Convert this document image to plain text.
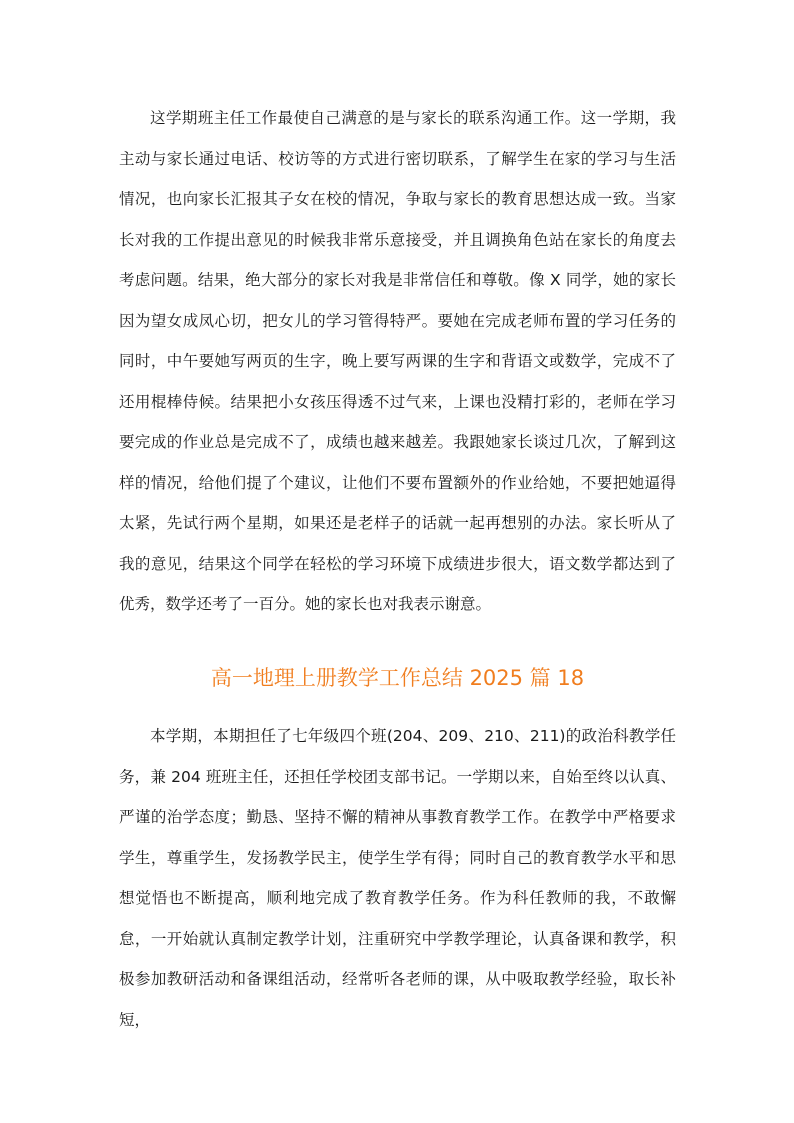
这学期班主任工作最使自己满意的是与家长的联系沟通工作。这一学期，我主动与家长通过电话、校访等的方式进行密切联系，了解学生在家的学习与生活情况，也向家长汇报其子女在校的情况，争取与家长的教育思想达成一致。当家长对我的工作提出意见的时候我非常乐意接受，并且调换角色站在家长的角度去考虑问题。结果，绝大部分的家长对我是非常信任和尊敬。像 X 同学，她的家长因为望女成凤心切，把女儿的学习管得特严。要她在完成老师布置的学习任务的同时，中午要她写两页的生字，晚上要写两课的生字和背语文或数学，完成不了还用棍棒侍候。结果把小女孩压得透不过气来，上课也没精打彩的，老师在学习要完成的作业总是完成不了，成绩也越来越差。我跟她家长谈过几次，了解到这样的情况，给他们提了个建议，让他们不要布置额外的作业给她，不要把她逼得太紧，先试行两个星期，如果还是老样子的话就一起再想别的办法。家长听从了我的意见，结果这个同学在轻松的学习环境下成绩进步很大，语文数学都达到了优秀，数学还考了一百分。她的家长也对我表示谢意。

高一地理上册教学工作总结 2025 篇 18

本学期，本期担任了七年级四个班(204、209、210、211)的政治科教学任务，兼 204 班班主任，还担任学校团支部书记。一学期以来，自始至终以认真、严谨的治学态度；勤恳、坚持不懈的精神从事教育教学工作。在教学中严格要求学生，尊重学生，发扬教学民主，使学生学有得；同时自己的教育教学水平和思想觉悟也不断提高，顺利地完成了教育教学任务。作为科任教师的我，不敢懈怠，一开始就认真制定教学计划，注重研究中学教学理论，认真备课和教学，积极参加教研活动和备课组活动，经常听各老师的课，从中吸取教学经验，取长补短，
